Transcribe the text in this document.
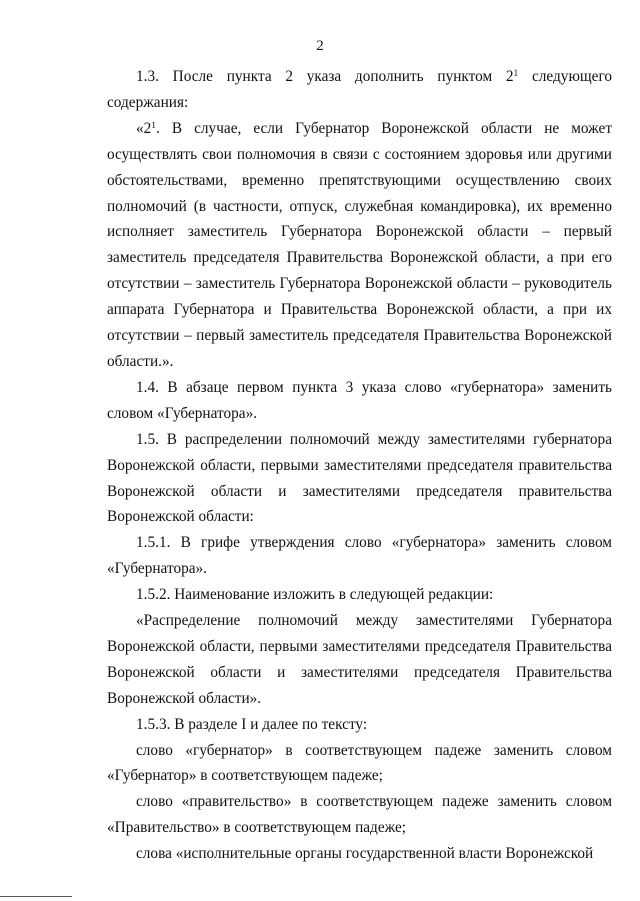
2

1.3. После пункта 2 указа дополнить пунктом $2^1$ следующего содержания:

«$2^1$. В случае, если Губернатор Воронежской области не может осуществлять свои полномочия в связи с состоянием здоровья или другими обстоятельствами, временно препятствующими осуществлению своих полномочий (в частности, отпуск, служебная командировка), их временно исполняет заместитель Губернатора Воронежской области – первый заместитель председателя Правительства Воронежской области, а при его отсутствии – заместитель Губернатора Воронежской области – руководитель аппарата Губернатора и Правительства Воронежской области, а при их отсутствии – первый заместитель председателя Правительства Воронежской области.».

1.4. В абзаце первом пункта 3 указа слово «губернатора» заменить словом «Губернатора».

1.5. В распределении полномочий между заместителями губернатора Воронежской области, первыми заместителями председателя правительства Воронежской области и заместителями председателя правительства Воронежской области:

1.5.1. В грифе утверждения слово «губернатора» заменить словом «Губернатора».

1.5.2. Наименование изложить в следующей редакции:

«Распределение полномочий между заместителями Губернатора Воронежской области, первыми заместителями председателя Правительства Воронежской области и заместителями председателя Правительства Воронежской области».

1.5.3. В разделе I и далее по тексту:

слово «губернатор» в соответствующем падеже заменить словом «Губернатор» в соответствующем падеже;

слово «правительство» в соответствующем падеже заменить словом «Правительство» в соответствующем падеже;

слова «исполнительные органы государственной власти Воронежской
